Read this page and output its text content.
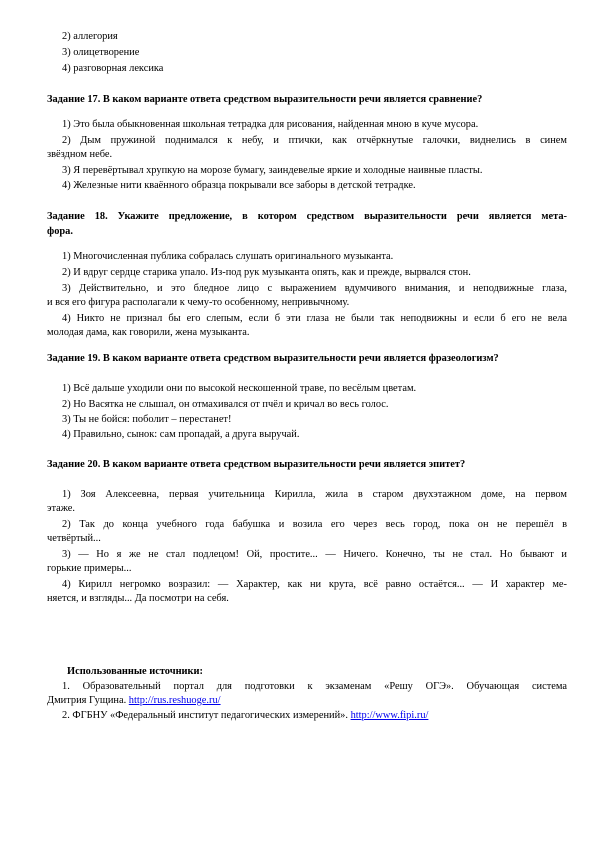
2) аллегория
3) олицетворение
4) разговорная лексика
Задание 17. В каком варианте ответа средством выразительности речи является сравнение?
1) Это была обыкновенная школьная тетрадка для рисования, найденная мною в куче мусора.
2) Дым пружиной поднимался к небу, и птички, как отчёркнутые галочки, виднелись в синем
звёздном небе.
3) Я перевёртывал хрупкую на морозе бумагу, заиндевелые яркие и холодные наивные пласты.
4) Железные нити кваённого образца покрывали все заборы в детской тетрадке.
Задание 18. Укажите предложение, в котором средством выразительности речи является мета-
фора.
1) Многочисленная публика собралась слушать оригинального музыканта.
2) И вдруг сердце старика упало. Из-под рук музыканта опять, как и прежде, вырвался стон.
3) Действительно, и это бледное лицо с выражением вдумчивого внимания, и неподвижные глаза,
и вся его фигура располагали к чему-то особенному, непривычному.
4) Никто не признал бы его слепым, если б эти глаза не были так неподвижны и если б его не вела
молодая дама, как говорили, жена музыканта.
Задание 19. В каком варианте ответа средством выразительности речи является фразеологизм?
1) Всё дальше уходили они по высокой нескошенной траве, по весёлым цветам.
2) Но Васятка не слышал, он отмахивался от пчёл и кричал во весь голос.
3) Ты не бойся: поболит – перестанет!
4) Правильно, сынок: сам пропадай, а друга выручай.
Задание 20. В каком варианте ответа средством выразительности речи является эпитет?
1) Зоя Алексеевна, первая учительница Кирилла, жила в старом двухэтажном доме, на первом
этаже.
2) Так до конца учебного года бабушка и возила его через весь город, пока он не перешёл в
четвёртый...
3) — Но я же не стал подлецом! Ой, простите... — Ничего. Конечно, ты не стал. Но бывают и
горькие примеры...
4) Кирилл негромко возразил: — Характер, как ни крута, всё равно остаётся... — И характер ме-
няется, и взгляды... Да посмотри на себя.
Использованные источники:
1. Образовательный портал для подготовки к экзаменам «Решу ОГЭ». Обучающая система
Дмитрия Гущина. http://rus.reshuoge.ru/
2. ФГБНУ «Федеральный институт педагогических измерений». http://www.fipi.ru/
